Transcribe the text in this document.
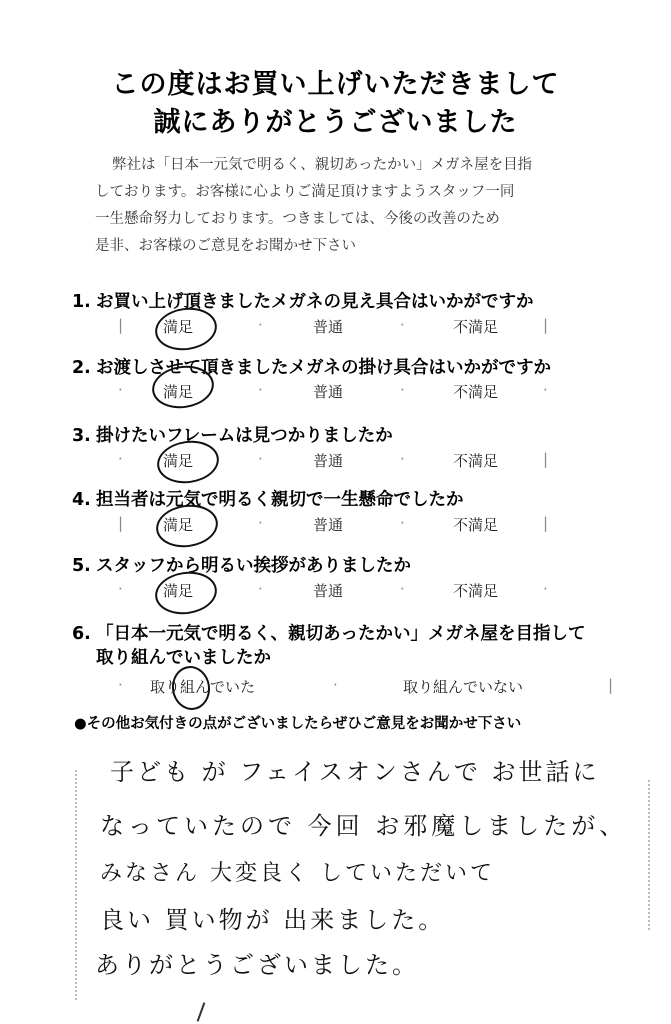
この度はお買い上げいただきまして
誠にありがとうございました
弊社は「日本一元気で明るく、親切あったかい」メガネ屋を目指
しております。お客様に心よりご満足頂けますようスタッフ一同
一生懸命努力しております。つきましては、今後の改善のため
是非、お客様のご意見をお聞かせ下さい
1. お買い上げ頂きましたメガネの見え具合はいかがですか
|	満足	·	普通	·	不満足	|
2. お渡しさせて頂きましたメガネの掛け具合はいかがですか
·	満足	·	普通	·	不満足	·
3. 掛けたいフレームは見つかりましたか
·	満足	·	普通	·	不満足	|
4. 担当者は元気で明るく親切で一生懸命でしたか
|	満足	·	普通	·	不満足	|
5. スタッフから明るい挨拶がありましたか
·	満足	·	普通	·	不満足	·
6. 「日本一元気で明るく、親切あったかい」メガネ屋を目指して
取り組んでいましたか
· 取り組んでいた	·	取り組んでいない	|
●その他お気付きの点がございましたらぜひご意見をお聞かせ下さい
子ども が フェイスオンさんで お世話に
なっていたので 今回 お邪魔しましたが、
みなさん 大変良く していただいて
良い 買い物が 出来ました。
ありがとうございました。
